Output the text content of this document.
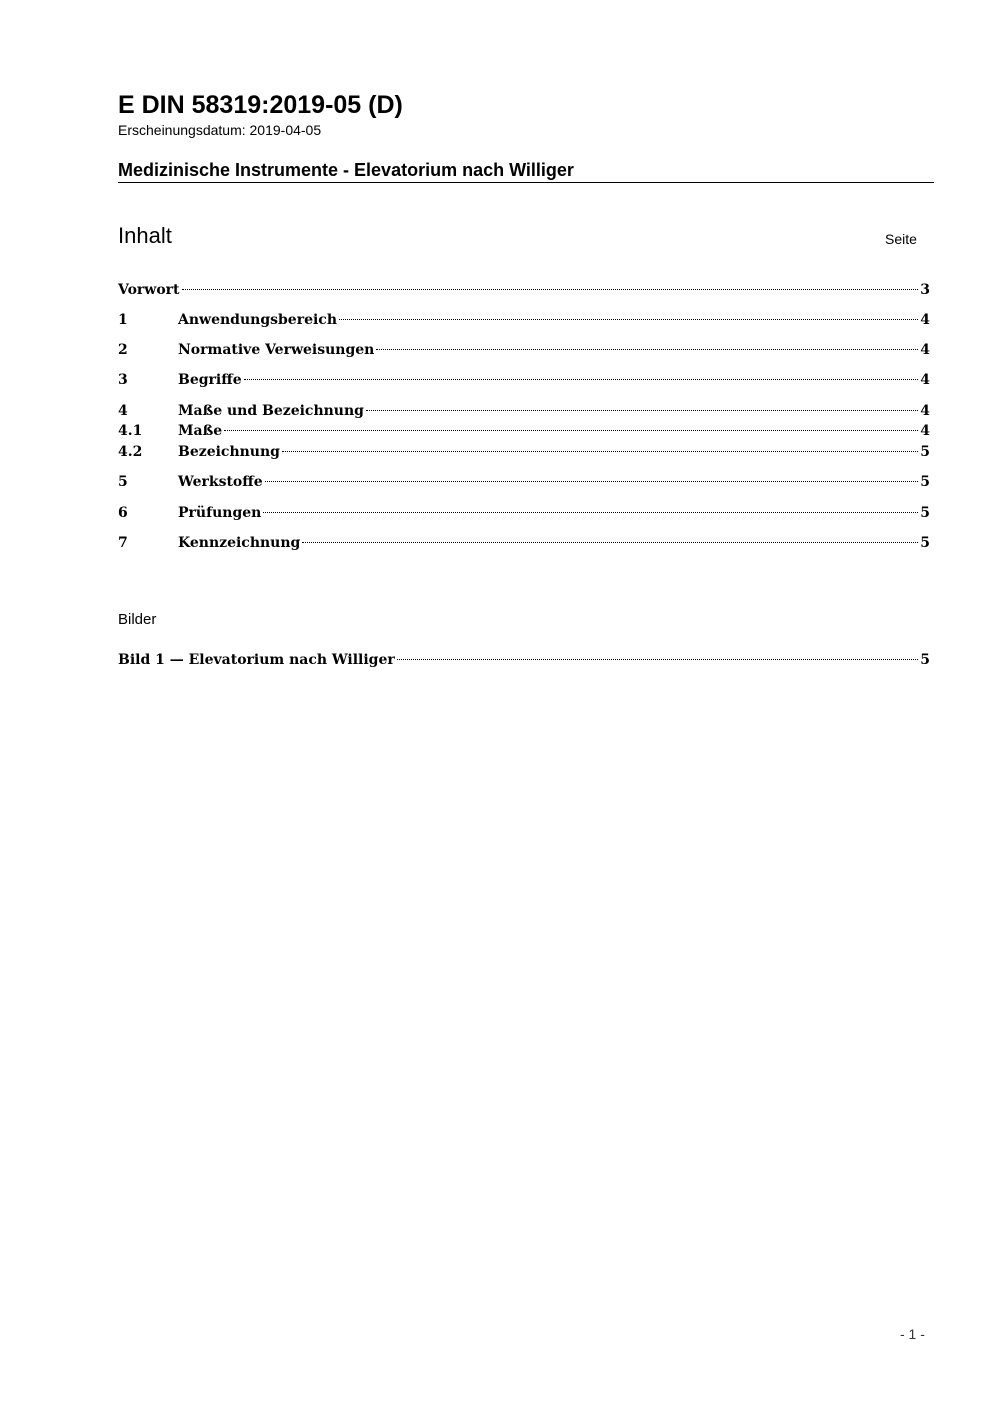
E DIN 58319:2019-05 (D)
Erscheinungsdatum: 2019-04-05
Medizinische Instrumente - Elevatorium nach Williger
Inhalt	Seite
Vorwort	3
1	Anwendungsbereich	4
2	Normative Verweisungen	4
3	Begriffe	4
4	Maße und Bezeichnung	4
4.1	Maße	4
4.2	Bezeichnung	5
5	Werkstoffe	5
6	Prüfungen	5
7	Kennzeichnung	5
Bilder
Bild 1 — Elevatorium nach Williger	5
- 1 -
